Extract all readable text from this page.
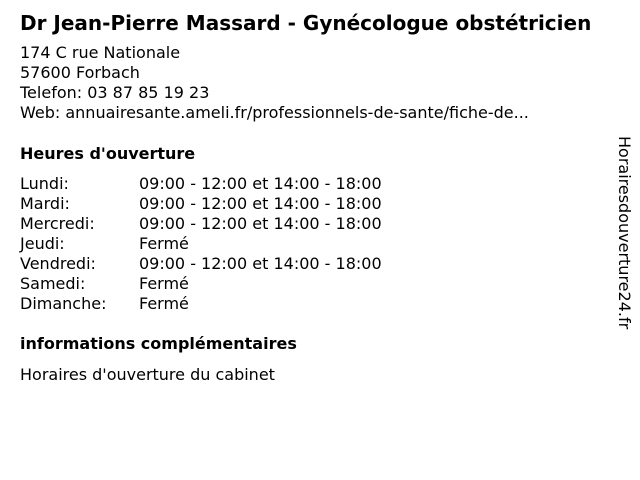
Dr Jean-Pierre Massard - Gynécologue obstétricien
174 C rue Nationale
57600 Forbach
Telefon: 03 87 85 19 23
Web: annuairesante.ameli.fr/professionnels-de-sante/fiche-de...
Heures d'ouverture
Lundi:	09:00 - 12:00 et 14:00 - 18:00
Mardi:	09:00 - 12:00 et 14:00 - 18:00
Mercredi:	09:00 - 12:00 et 14:00 - 18:00
Jeudi:	Fermé
Vendredi:	09:00 - 12:00 et 14:00 - 18:00
Samedi:	Fermé
Dimanche:	Fermé
informations complémentaires
Horaires d'ouverture du cabinet
Horairesdouverture24.fr
